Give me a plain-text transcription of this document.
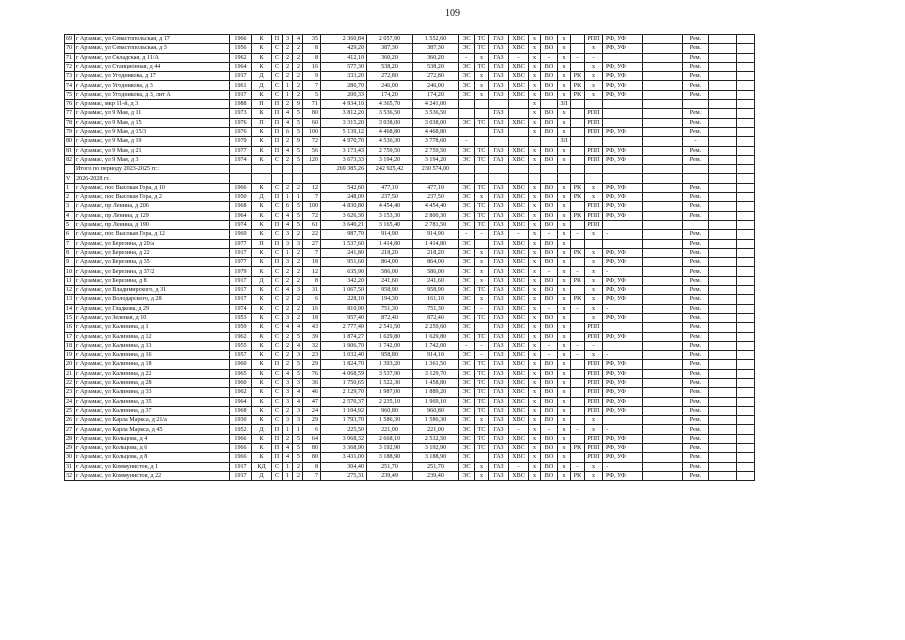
109
69	г Арзамас, ул Севастопольская, д 17	1966	К	П	3	4	35	2 360,84	2 057,90	1 552,60	ЭС	ТС	ГАЗ	ХВС	х	ВО	х		РПП	РФ, УФ		Рем.		
70	г Арзамас, ул Севастопольская, д 3	1956	К	С	2	2	8	429,20	387,30	387,30	ЭС	ТС	ГАЗ	ХВС	х	ВО	х		х	РФ, УФ		Рем.		
71	г Арзамас, ул Складская, д 11/А	1962	К	С	2	2	8	412,10	360,20	360,20	-	х	ГАЗ	-	х	-	х	-	-			Рем.		
72	г Арзамас, ул Станционная, д 44	1964	К	С	2	2	16	577,30	538,20	538,20	ЭС	ТС	ГАЗ	ХВС	х	ВО	х		х	РФ, УФ		Рем.		
73	г Арзамас, ул Угодникова, д 17	1917	Д	С	2	2	9	333,20	272,80	272,80	ЭС	х	ГАЗ	ХВС	х	ВО	х	РК	х	РФ, УФ		Рем.		
74	г Арзамас, ул Угодникова, д 3	1961	Д	С	1	2	7	280,70	246,00	246,00	ЭС	х	ГАЗ	ХВС	х	ВО	х	РК	х	РФ, УФ		Рем.		
75	г Арзамас, ул Угодникова, д 3, лит А	1917	К	С	1	2	5	200,33	174,20	174,20	ЭС	х	ГАЗ	ХВС	х	ВО	х	РК	х	РФ, УФ		Рем.		
76	г Арзамас, мкр 11-й, д 3	1988	П	П	2	9	71	4 934,10	4 365,70	4 241,00					х		ЗЛ							
77	г Арзамас, ул 9 Мая, д 11	1973	К	П	4	5	80	3 812,20	3 536,50	3 536,50			ГАЗ		х	ВО	х		РПП			Рем.		
78	г Арзамас, ул 9 Мая, д 15	1976	П	П	4	5	60	3 315,20	3 038,00	3 038,00	ЭС	ТС	ГАЗ	ХВС	х	ВО	х		РПП			Рем.		
79	г Арзамас, ул 9 Мая, д 15/3	1976	К	П	6	5	100	5 139,12	4 468,80	4 468,80			ГАЗ		х	ВО	х		РПП	РФ, УФ		Рем.		
80	г Арзамас, ул 9 Мая, д 19	1979	К	П	2	9	72	4 970,70	4 536,30	3 778,60	-						ЗЛ					-		
81	г Арзамас, ул 9 Мая, д 21	1977	К	П	4	5	56	3 173,43	2 759,50	2 759,50	ЭС	ТС	ГАЗ	ХВС	х	ВО	х		РПП	РФ, УФ		Рем.		
82	г Арзамас, ул 9 Мая, д 3	1974	К	С	2	5	120	3 673,33	3 194,20	3 194,20	ЭС	ТС	ГАЗ	ХВС	х	ВО	х		РПП	РФ, УФ		Рем.		
	Итого по периоду 2023-2025 гг.:							269 385,26	242 925,42	230 574,00														
V	2026-2028 гг.																							
1	г Арзамас, пос Высокая Гора, д 10	1966	К	С	2	2	12	542,60	477,10	477,10	ЭС	ТС	ГАЗ	ХВС	х	ВО	х	РК	х	РФ, УФ		Рем.		
2	г Арзамас, пос Высокая Гора, д 2	1950	Д	П	1	1	7	248,00	237,50	237,50	ЭС	х	ГАЗ	ХВС	х	ВО	х	РК	х	РФ, УФ		Рем.		
3	г Арзамас, пр Ленина, д 206	1968	К	С	6	5	100	4 830,80	4 454,40	4 454,40	ЭС	ТС	ГАЗ	ХВС	х	ВО	х		РПП	РФ, УФ		Рем.		
4	г Арзамас, пр Ленина, д 129	1964	К	С	4	5	72	3 626,30	3 153,30	2 800,30	ЭС	ТС	ГАЗ	ХВС	х	ВО	х	РК	РПП	РФ, УФ		Рем.		
5	г Арзамас, пр Ленина, д 190	1974	К	П	4	5	61	3 640,21	3 165,40	2 781,50	ЭС	ТС	ГАЗ	ХВС	х	ВО	х		РПП					
6	г Арзамас, пос Высокая Гора, д 12	1969	К	С	3	2	22	987,70	914,90	914,90	-	-	ГАЗ	-	х	-	х	-	х	-		Рем.		
7	г Арзамас, ул Березина, д 20/а	1977	П	П	3	3	27	1 537,60	1 414,80	1 414,80	ЭС		ГАЗ	ХВС	х	ВО	х					Рем.		
8	г Арзамас, ул Березина, д 22	1917	К	С	1	2	7	241,80	218,20	218,20	ЭС	х	ГАЗ	ХВС	х	ВО	х	РК	х	РФ, УФ		Рем.		
9	г Арзамас, ул Березина, д 35	1977	К	П	3	2	18	951,60	864,00	864,00	ЭС	х	ГАЗ	ХВС	х	ВО	х		х	РФ, УФ		Рем.		
10	г Арзамас, ул Березина, д 37/2	1979	К	С	2	2	12	635,90	586,00	586,00	ЭС	х	ГАЗ	ХВС	х	-	х	-	х	-		Рем.		
11	г Арзамас, ул Березина, д 8	1917	Д	С	2	2	8	342,20	241,60	241,60	ЭС	х	ГАЗ	ХВС	х	ВО	х	РК	х	РФ, УФ		Рем.		
12	г Арзамас, ул Владимирского, д 31	1917	К	С	4	3	31	1 067,50	958,90	958,90	ЭС	ТС	ГАЗ	ХВС	х	ВО	х		х	РФ, УФ		Рем.		
13	г Арзамас, ул Володарского, д 28	1917	К	С	2	2	6	228,10	194,30	161,10	ЭС	х	ГАЗ	ХВС	х	ВО	х	РК	х	РФ, УФ		Рем.		
14	г Арзамас, ул Гладкова, д 29	1974	К	С	2	2	16	810,90	751,30	751,30	ЭС	-	ГАЗ	ХВС	х	-	х	-	х	-		Рем.		
15	г Арзамас, ул Зеленая, д 10	1953	К	С	3	2	18	957,40	872,40	872,40	ЭС	ТС	ГАЗ	ХВС	х	ВО	х		х	РФ, УФ		Рем.		
16	г Арзамас, ул Калинина, д 1	1959	К	С	4	4	43	2 777,40	2 541,50	2 259,60	ЭС		ГАЗ	ХВС	х	ВО	х		РПП			Рем.		
17	г Арзамас, ул Калинина, д 12	1962	К	С	2	5	39	1 874,27	1 629,80	1 629,80	ЭС	ТС	ГАЗ	ХВС	х	ВО	х		РПП	РФ, УФ		Рем.		
18	г Арзамас, ул Калинина, д 13	1955	К	С	2	4	32	1 906,70	1 742,00	1 742,00	-	-	ГАЗ	ХВС	х	-	х	-	-			Рем.		
19	г Арзамас, ул Калинина, д 16	1957	К	С	2	3	23	1 032,40	958,80	914,10	ЭС	-	ГАЗ	ХВС	х	-	х	-	х	-		Рем.		
20	г Арзамас, ул Калинина, д 18	1960	К	П	2	5	29	1 824,70	1 393,20	1 361,50	ЭС	ТС	ГАЗ	ХВС	х	ВО	х		РПП	РФ, УФ		Рем.		
21	г Арзамас, ул Калинина, д 22	1965	К	С	4	5	76	4 068,59	3 537,90	3 129,70	ЭС	ТС	ГАЗ	ХВС	х	ВО	х		РПП	РФ, УФ		Рем.		
22	г Арзамас, ул Калинина, д 28	1960	К	С	3	3	36	1 750,65	1 522,30	1 458,80	ЭС	ТС	ГАЗ	ХВС	х	ВО	х		РПП	РФ, УФ		Рем.		
23	г Арзамас, ул Калинина, д 33	1962	К	С	3	4	46	2 129,70	1 987,00	1 889,20	ЭС	ТС	ГАЗ	ХВС	х	ВО	х		РПП	РФ, УФ		Рем.		
24	г Арзамас, ул Калинина, д 35	1964	К	С	3	4	47	2 570,37	2 235,10	1 969,10	ЭС	ТС	ГАЗ	ХВС	х	ВО	х		РПП	РФ, УФ		Рем.		
25	г Арзамас, ул Калинина, д 37	1968	К	С	2	3	24	1 104,92	960,80	960,80	ЭС	ТС	ГАЗ	ХВС	х	ВО	х		РПП	РФ, УФ		Рем.		
26	г Арзамас, ул Карла Маркса, д 21/а	1930	К	С	3	3	29	1 793,70	1 586,30	1 586,30	ЭС	х	ГАЗ	ХВС	х	ВО	х		х			Рем.		
27	г Арзамас, ул Карла Маркса, д 45	1952	Д	П	1	1	6	225,50	221,00	221,00	ЭС	ТС	ГАЗ	-	х	-	х	-	х	-		Рем.		
28	г Арзамас, ул Кольцова, д 4	1966	К	П	2	5	64	3 068,32	2 668,10	2 532,50	ЭС	ТС	ГАЗ	ХВС	х	ВО	х		РПП	РФ, УФ		Рем.		
29	г Арзамас, ул Кольцова, д 6	1966	К	П	4	5	80	3 368,90	3 192,90	3 192,90	ЭС	ТС	ГАЗ	ХВС	х	ВО	х	РК	РПП	РФ, УФ		Рем.		
30	г Арзамас, ул Кольцова, д 8	1966	К	П	4	5	80	3 431,00	3 188,90	3 188,90	ЭС		ГАЗ	ХВС	х	ВО	х		РПП	РФ, УФ		Рем.		
31	г Арзамас, ул Коммунистов, д 1	1917	КД	С	1	2	8	304,40	251,70	251,70	ЭС	х	ГАЗ	-	х	ВО	х	-	х	-		Рем.		
32	г Арзамас, ул Коммунистов, д 22	1917	Д	С	1	2	7	275,31	239,49	239,40	ЭС	х	ГАЗ	ХВС	х	ВО	х	РК	х	РФ, УФ		Рем.		
